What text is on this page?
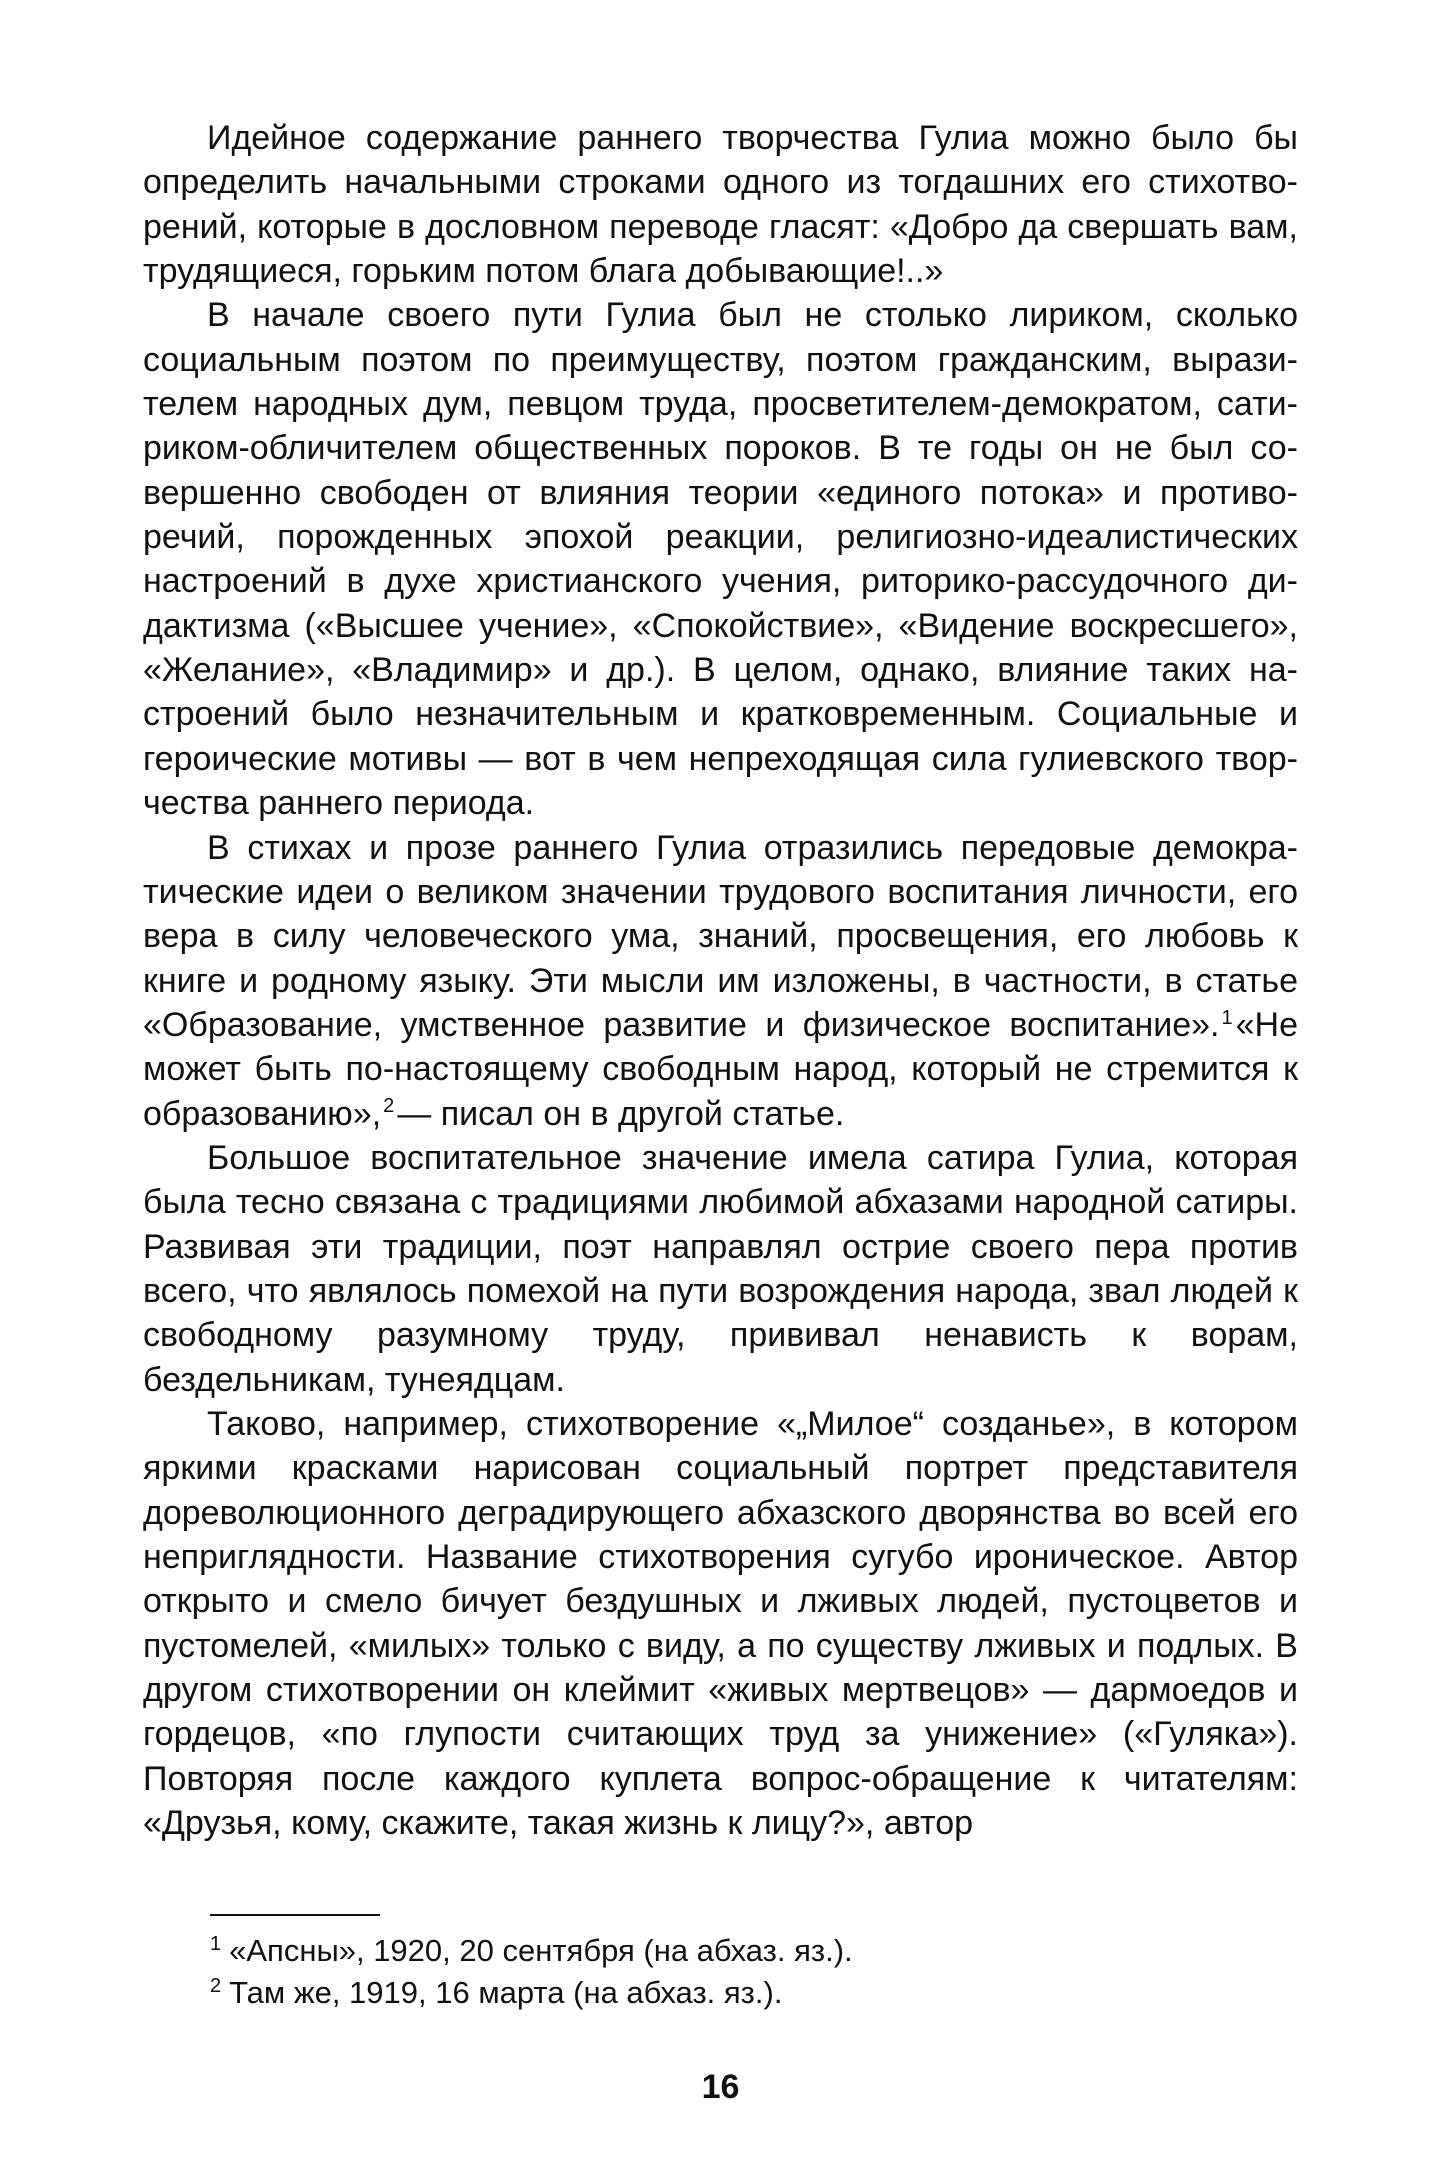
Идейное содержание раннего творчества Гулиа можно было бы определить начальными строками одного из тогдашних его стихотворений, которые в дословном переводе гласят: «Добро да свершать вам, трудящиеся, горьким потом блага добывающие!..»

В начале своего пути Гулиа был не столько лириком, сколько социальным поэтом по преимуществу, поэтом гражданским, выразителем народных дум, певцом труда, просветителем-демократом, сатириком-обличителем общественных пороков. В те годы он не был совершенно свободен от влияния теории «единого потока» и противоречий, порожденных эпохой реакции, религиозно-идеалистических настроений в духе христианского учения, риторико-рассудочного дидактизма («Высшее учение», «Спокойствие», «Видение воскресшего», «Желание», «Владимир» и др.). В целом, однако, влияние таких настроений было незначительным и кратковременным. Социальные и героические мотивы — вот в чем непреходящая сила гулиевского творчества раннего периода.

В стихах и прозе раннего Гулиа отразились передовые демократические идеи о великом значении трудового воспитания личности, его вера в силу человеческого ума, знаний, просвещения, его любовь к книге и родному языку. Эти мысли им изложены, в частности, в статье «Образование, умственное развитие и физическое воспитание». $^1$«Не может быть по-настоящему свободным народ, который не стремится к образованию», $^2$— писал он в другой статье.

Большое воспитательное значение имела сатира Гулиа, которая была тесно связана с традициями любимой абхазами народной сатиры. Развивая эти традиции, поэт направлял острие своего пера против всего, что являлось помехой на пути возрождения народа, звал людей к свободному разумному труду, прививал ненависть к ворам, бездельникам, тунеядцам.

Таково, например, стихотворение «„Милое“ созданье», в котором яркими красками нарисован социальный портрет представителя дореволюционного деградирующего абхазского дворянства во всей его неприглядности. Название стихотворения сугубо ироническое. Автор открыто и смело бичует бездушных и лживых людей, пустоцветов и пустомелей, «милых» только с виду, а по существу лживых и подлых. В другом стихотворении он клеймит «живых мертвецов» — дармоедов и гордецов, «по глупости считающих труд за унижение» («Гуляка»). Повторяя после каждого куплета вопрос-обращение к читателям: «Друзья, кому, скажите, такая жизнь к лицу?», автор

$^1$ «Апсны», 1920, 20 сентября (на абхаз. яз.).
$^2$ Там же, 1919, 16 марта (на абхаз. яз.).
16
